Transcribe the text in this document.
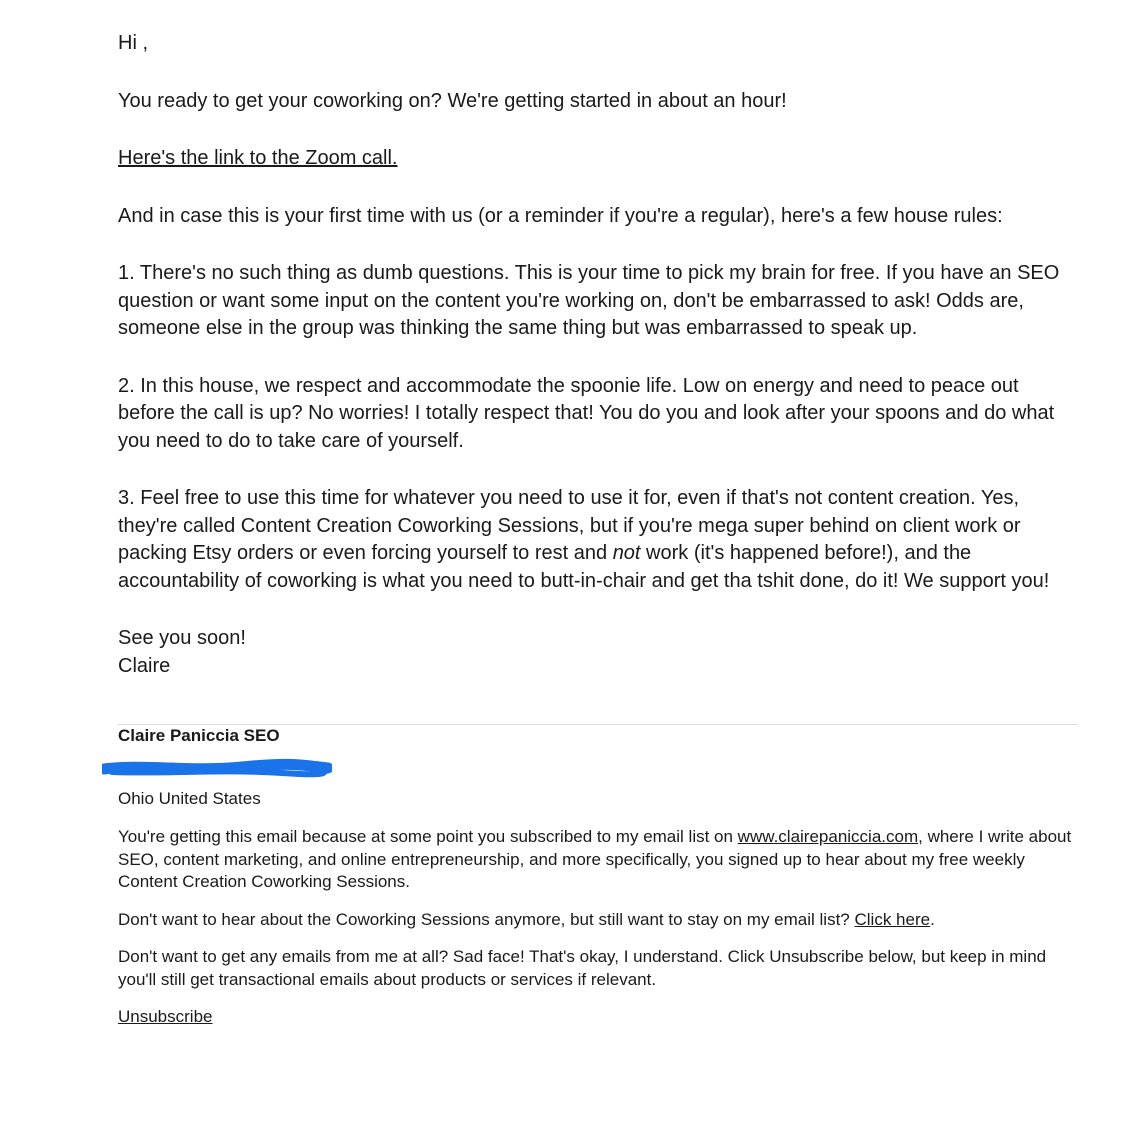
Hi ,

You ready to get your coworking on? We're getting started in about an hour!

Here's the link to the Zoom call.

And in case this is your first time with us (or a reminder if you're a regular), here's a few house rules:

1. There's no such thing as dumb questions. This is your time to pick my brain for free. If you have an SEO question or want some input on the content you're working on, don't be embarrassed to ask! Odds are, someone else in the group was thinking the same thing but was embarrassed to speak up.

2. In this house, we respect and accommodate the spoonie life. Low on energy and need to peace out before the call is up? No worries! I totally respect that! You do you and look after your spoons and do what you need to do to take care of yourself.

3. Feel free to use this time for whatever you need to use it for, even if that's not content creation. Yes, they're called Content Creation Coworking Sessions, but if you're mega super behind on client work or packing Etsy orders or even forcing yourself to rest and not work (it's happened before!), and the accountability of coworking is what you need to butt-in-chair and get tha tshit done, do it! We support you!

See you soon!

Claire

Claire Paniccia SEO

Ohio United States

You're getting this email because at some point you subscribed to my email list on www.clairepaniccia.com, where I write about SEO, content marketing, and online entrepreneurship, and more specifically, you signed up to hear about my free weekly Content Creation Coworking Sessions.

Don't want to hear about the Coworking Sessions anymore, but still want to stay on my email list? Click here.

Don't want to get any emails from me at all? Sad face! That's okay, I understand. Click Unsubscribe below, but keep in mind you'll still get transactional emails about products or services if relevant.

Unsubscribe
